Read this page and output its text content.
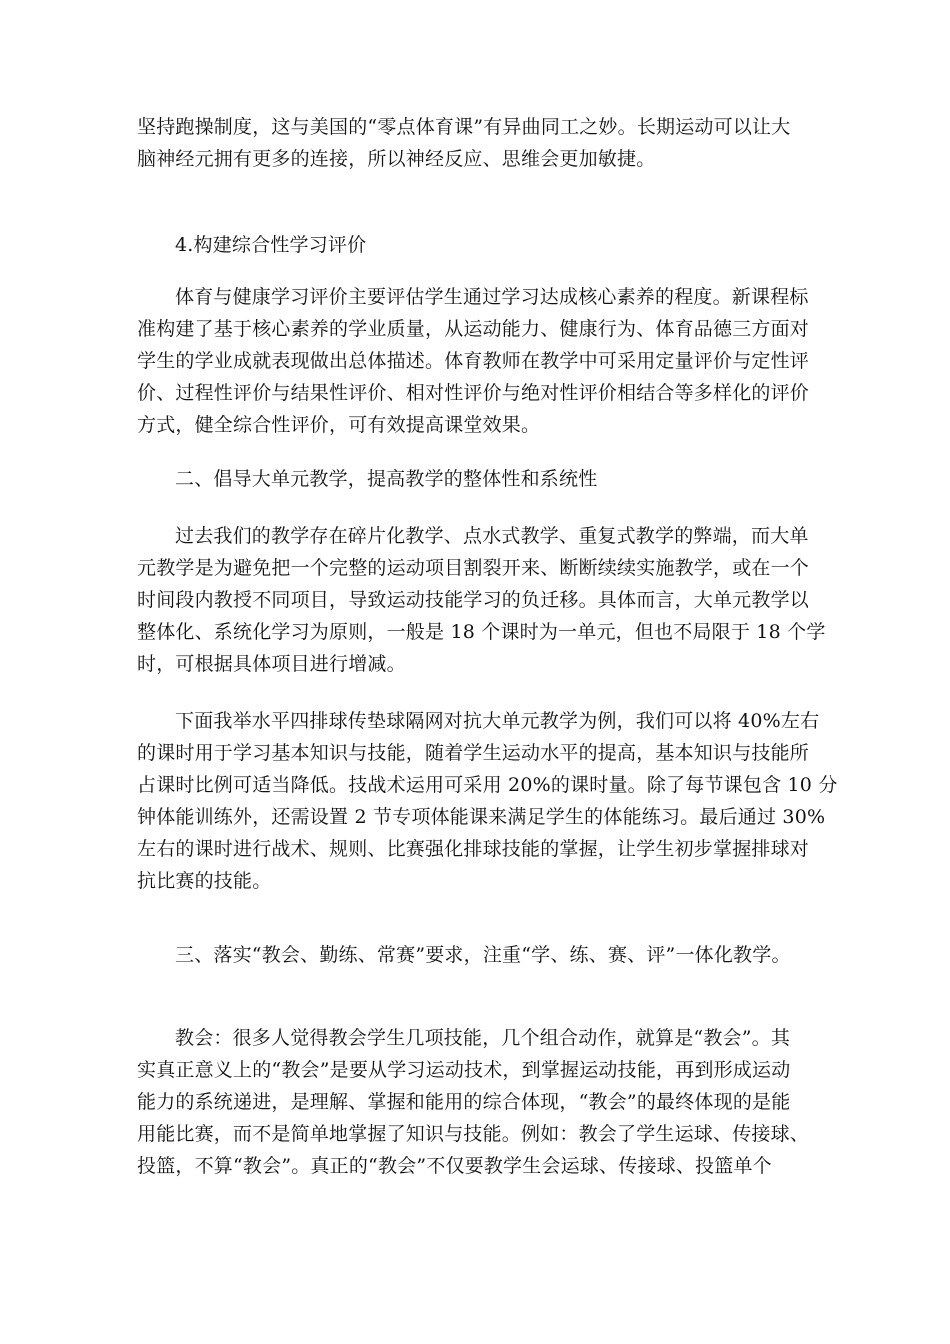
坚持跑操制度，这与美国的“零点体育课”有异曲同工之妙。长期运动可以让大
脑神经元拥有更多的连接，所以神经反应、思维会更加敏捷。
4.构建综合性学习评价
体育与健康学习评价主要评估学生通过学习达成核心素养的程度。新课程标
准构建了基于核心素养的学业质量，从运动能力、健康行为、体育品德三方面对
学生的学业成就表现做出总体描述。体育教师在教学中可采用定量评价与定性评
价、过程性评价与结果性评价、相对性评价与绝对性评价相结合等多样化的评价
方式，健全综合性评价，可有效提高课堂效果。
二、倡导大单元教学，提高教学的整体性和系统性
过去我们的教学存在碎片化教学、点水式教学、重复式教学的弊端，而大单
元教学是为避免把一个完整的运动项目割裂开来、断断续续实施教学，或在一个
时间段内教授不同项目，导致运动技能学习的负迁移。具体而言，大单元教学以
整体化、系统化学习为原则，一般是 18 个课时为一单元，但也不局限于 18 个学
时，可根据具体项目进行增减。
下面我举水平四排球传垫球隔网对抗大单元教学为例，我们可以将 40%左右
的课时用于学习基本知识与技能，随着学生运动水平的提高，基本知识与技能所
占课时比例可适当降低。技战术运用可采用 20%的课时量。除了每节课包含 10 分
钟体能训练外，还需设置 2 节专项体能课来满足学生的体能练习。最后通过 30%
左右的课时进行战术、规则、比赛强化排球技能的掌握，让学生初步掌握排球对
抗比赛的技能。
三、落实“教会、勤练、常赛”要求，注重“学、练、赛、评”一体化教学。
教会：很多人觉得教会学生几项技能，几个组合动作，就算是“教会”。其
实真正意义上的“教会”是要从学习运动技术，到掌握运动技能，再到形成运动
能力的系统递进，是理解、掌握和能用的综合体现，“教会”的最终体现的是能
用能比赛，而不是简单地掌握了知识与技能。例如：教会了学生运球、传接球、
投篮，不算“教会”。真正的“教会”不仅要教学生会运球、传接球、投篮单个
